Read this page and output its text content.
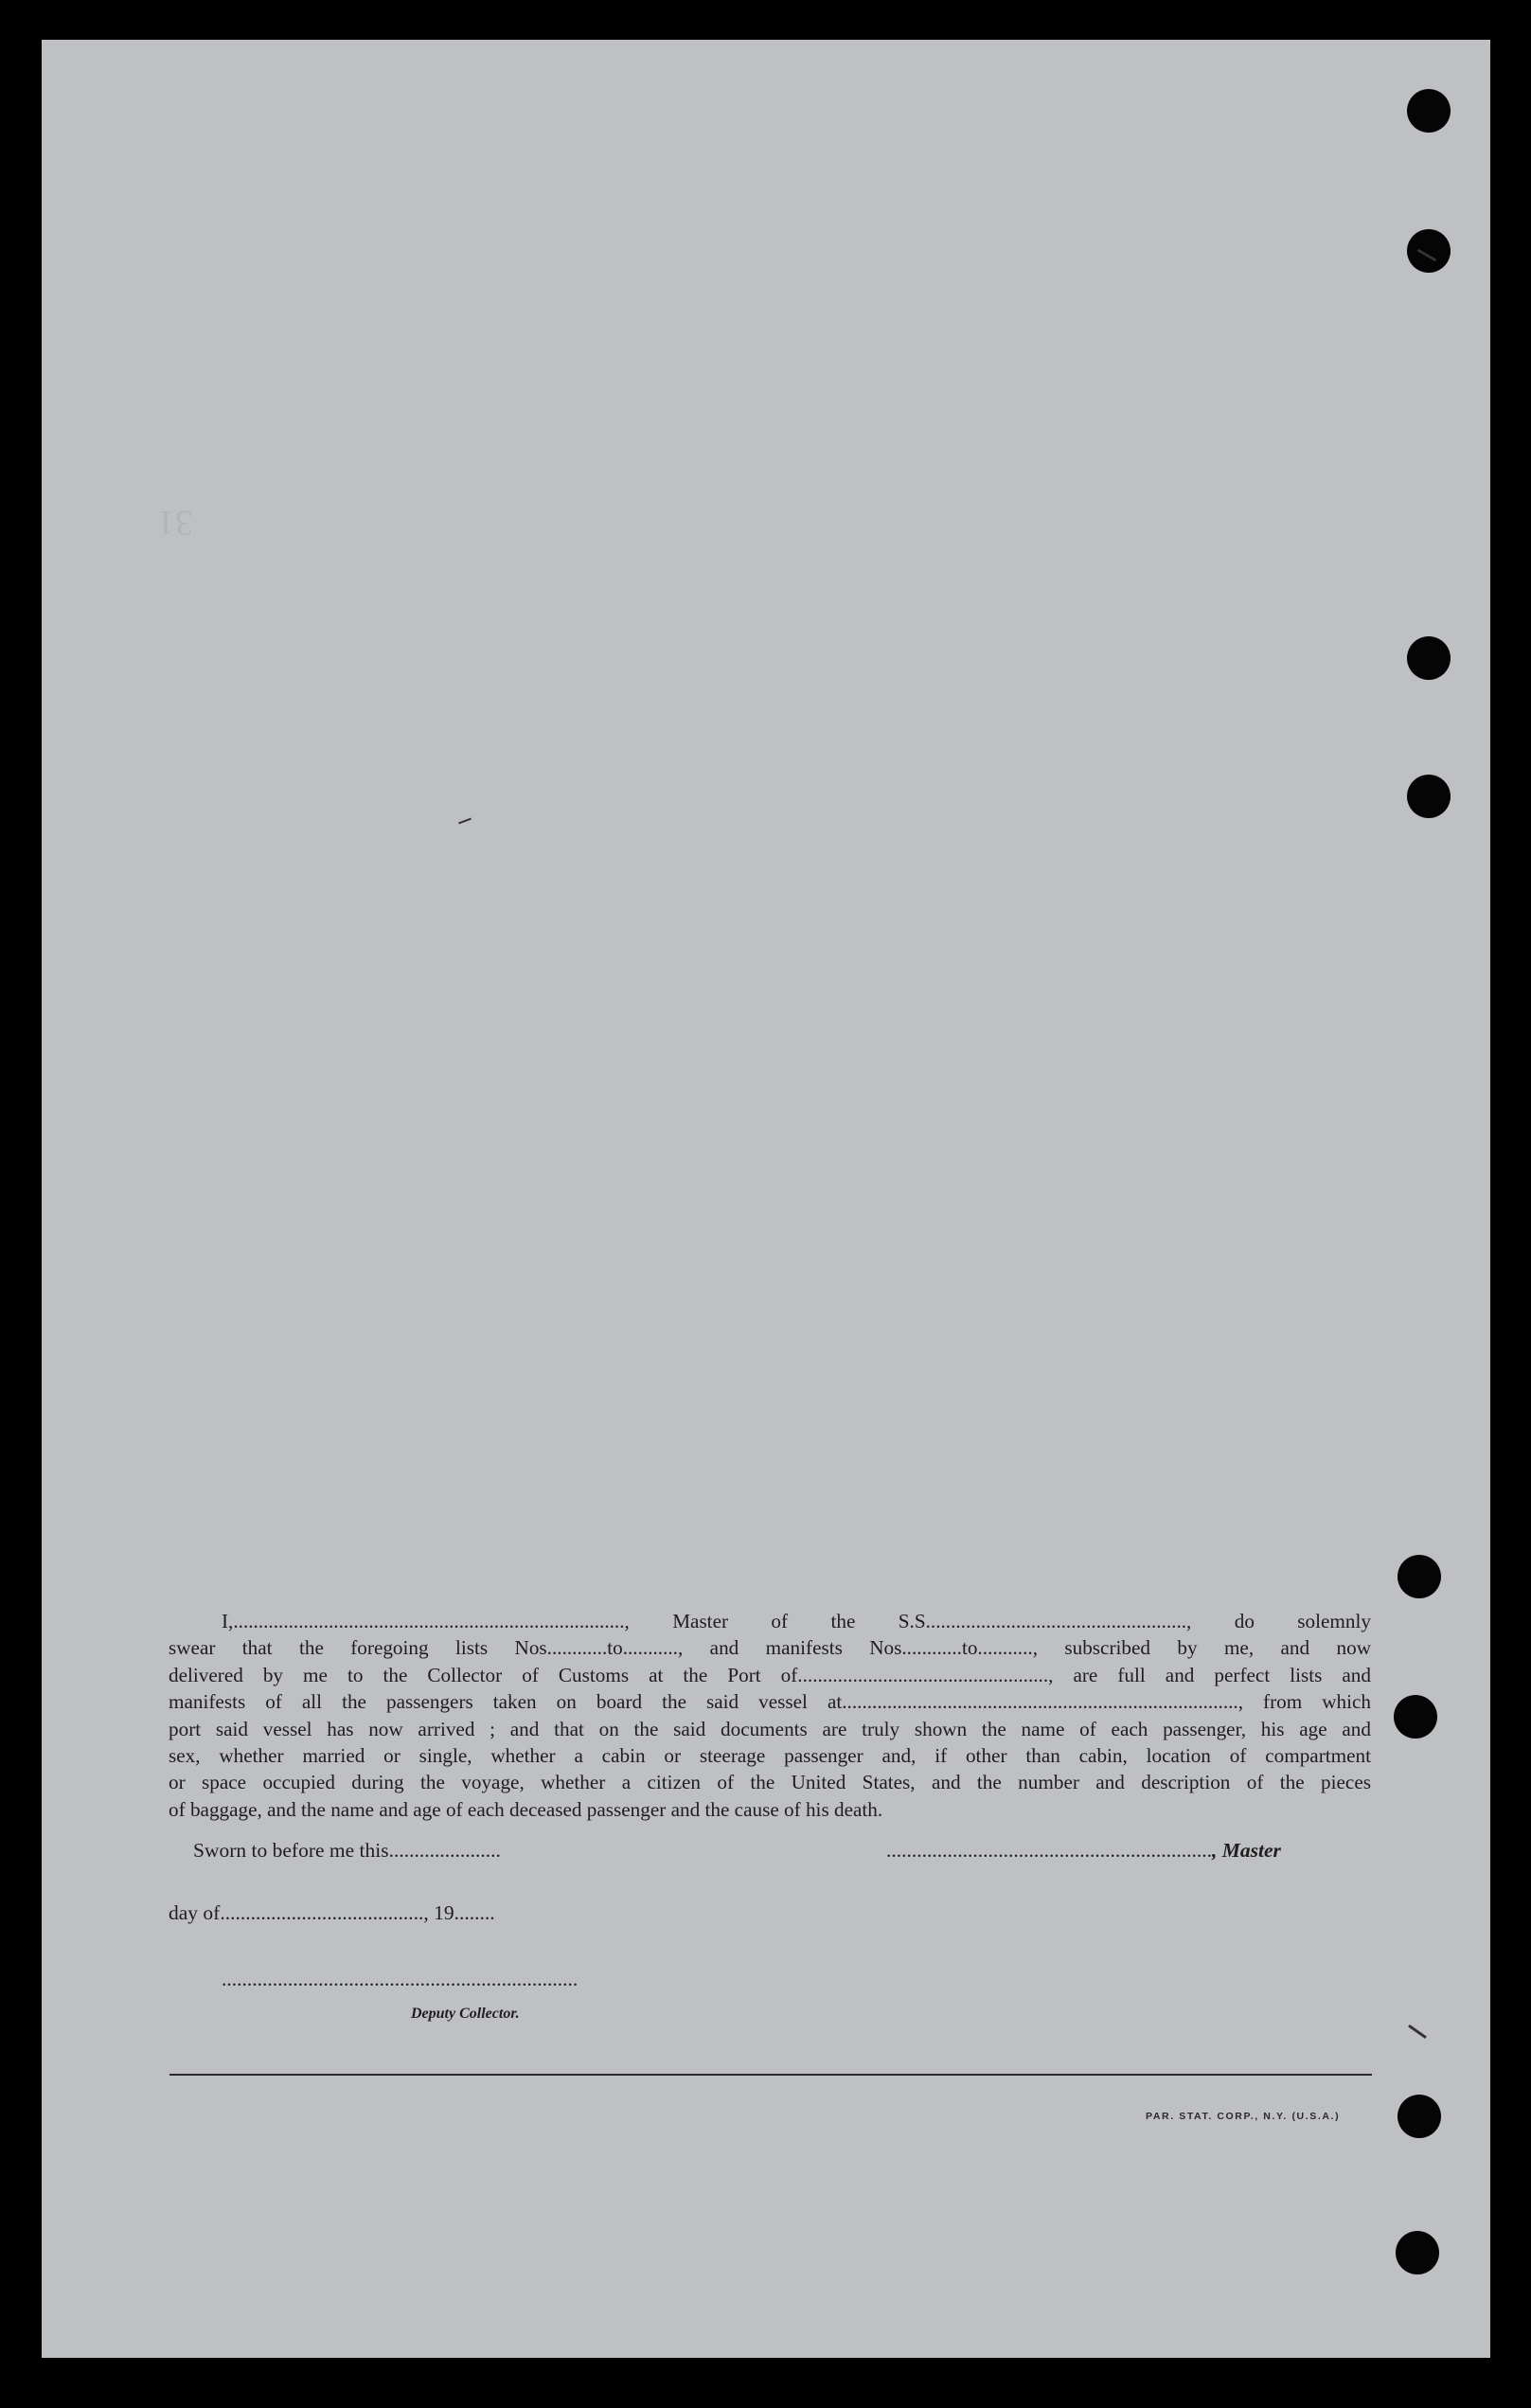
31
I,.............................................................................., Master of the S.S...................................................., do solemnly
swear that the foregoing lists Nos............to..........., and manifests Nos............to..........., subscribed by me, and now
delivered by me to the Collector of Customs at the Port of.................................................., are full and perfect lists and
manifests of all the passengers taken on board the said vessel at..............................................................................., from which
port said vessel has now arrived ; and that on the said documents are truly shown the name of each passenger, his age and
sex, whether married or single, whether a cabin or steerage passenger and, if other than cabin, location of compartment
or space occupied during the voyage, whether a citizen of the United States, and the number and description of the pieces
of baggage, and the name and age of each deceased passenger and the cause of his death.
Sworn to before me this......................	................................................................, Master
day of........................................, 19........
......................................................................
Deputy Collector.
PAR. STAT. CORP., N.Y. (U.S.A.)
